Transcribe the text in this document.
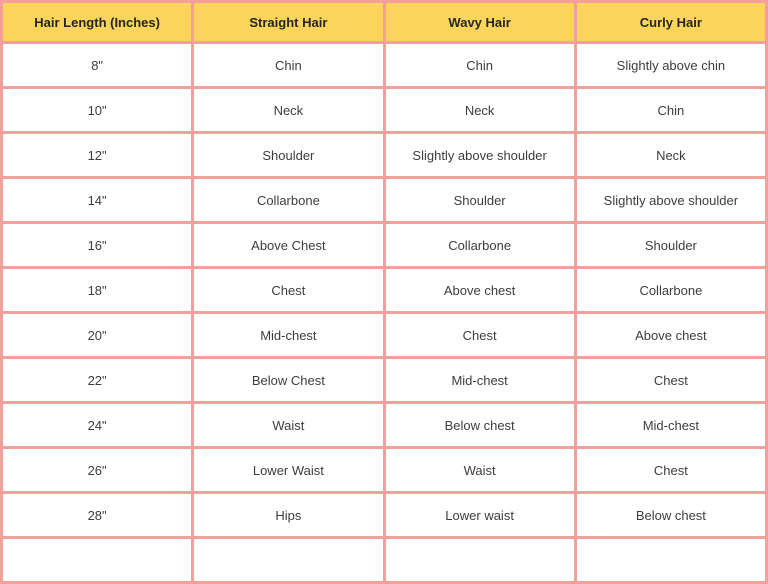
Hair Length (Inches)	Straight Hair	Wavy Hair	Curly Hair
8"	Chin	Chin	Slightly above chin
10"	Neck	Neck	Chin
12"	Shoulder	Slightly above shoulder	Neck
14"	Collarbone	Shoulder	Slightly above shoulder
16"	Above Chest	Collarbone	Shoulder
18"	Chest	Above chest	Collarbone
20"	Mid-chest	Chest	Above chest
22"	Below Chest	Mid-chest	Chest
24"	Waist	Below chest	Mid-chest
26"	Lower Waist	Waist	Chest
28"	Hips	Lower waist	Below chest
